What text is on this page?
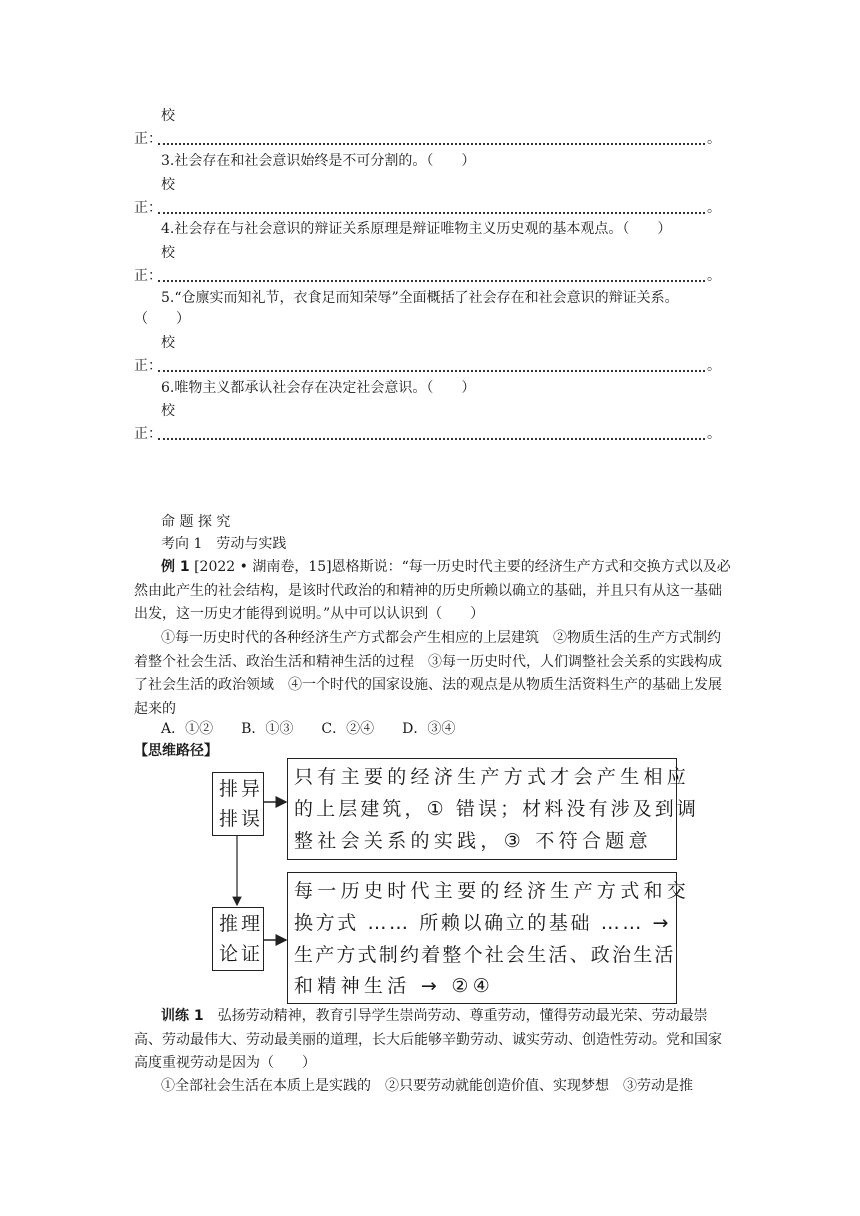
校
正：	。
3.社会存在和社会意识始终是不可分割的。（　　）
校
正：	。
4.社会存在与社会意识的辩证关系原理是辩证唯物主义历史观的基本观点。（　　）
校
正：	。
5.“仓廪实而知礼节，衣食足而知荣辱”全面概括了社会存在和社会意识的辩证关系。
（　　）
校
正：	。
6.唯物主义都承认社会存在决定社会意识。（　　）
校
正：	。
命 题 探 究
考向 1　劳动与实践
例 1 [2022 • 湖南卷，15]恩格斯说：“每一历史时代主要的经济生产方式和交换方式以及必然由此产生的社会结构，是该时代政治的和精神的历史所赖以确立的基础，并且只有从这一基础出发，这一历史才能得到说明。”从中可以认识到（　　）
①每一历史时代的各种经济生产方式都会产生相应的上层建筑　②物质生活的生产方式制约着整个社会生活、政治生活和精神生活的过程　③每一历史时代，人们调整社会关系的实践构成了社会生活的政治领域　④一个时代的国家设施、法的观点是从物质生活资料生产的基础上发展起来的
A．①②　　B．①③　　C．②④　　D．③④
【思维路径】
排异
排误
只有主要的经济生产方式才会产生相应
的上层建筑，① 错误；材料没有涉及到调
整社会关系的实践，③ 不符合题意
推理
论证
每一历史时代主要的经济生产方式和交
换方式 …… 所赖以确立的基础 …… →
生产方式制约着整个社会生活、政治生活
和精神生活 → ②④
训练 1　 弘扬劳动精神，教育引导学生崇尚劳动、尊重劳动，懂得劳动最光荣、劳动最崇高、劳动最伟大、劳动最美丽的道理，长大后能够辛勤劳动、诚实劳动、创造性劳动。党和国家高度重视劳动是因为（　　）
①全部社会生活在本质上是实践的　②只要劳动就能创造价值、实现梦想　③劳动是推
